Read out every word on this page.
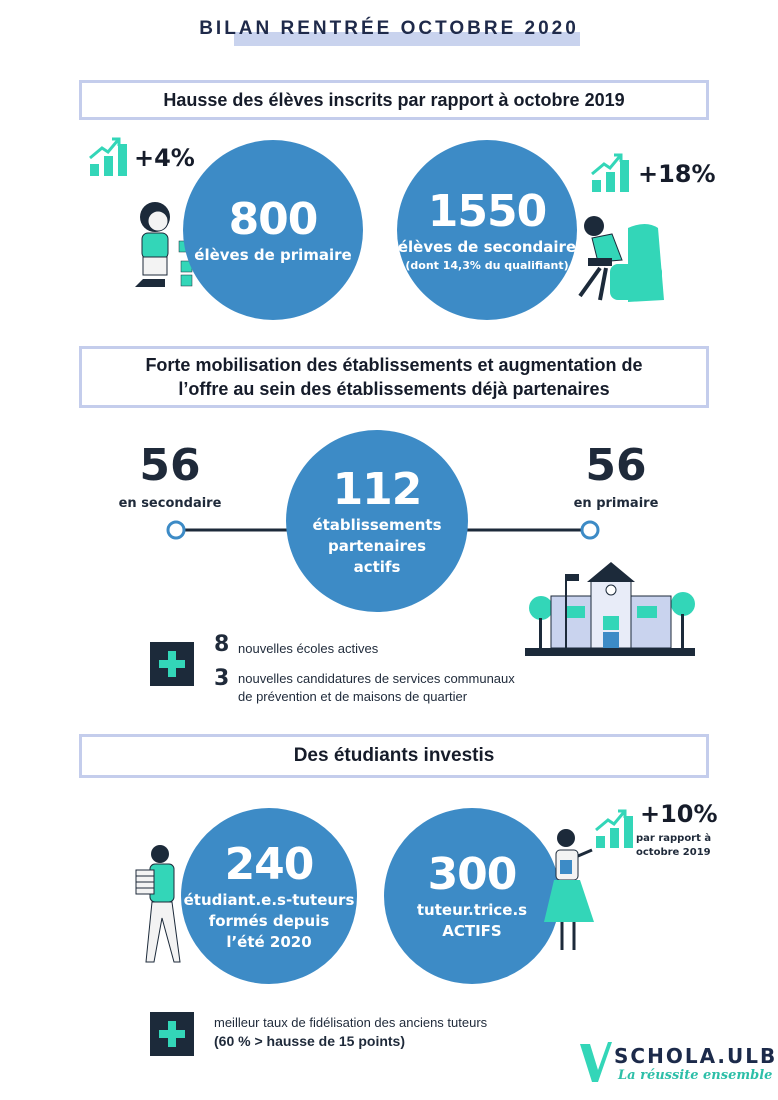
BILAN RENTRÉE OCTOBRE 2020
Hausse des élèves inscrits par rapport à octobre 2019
+4%
800
élèves de primaire
1550
élèves de secondaire
(dont 14,3% du qualifiant)
+18%
Forte mobilisation des établissements et augmentation de
l’offre au sein des établissements déjà partenaires
56
en secondaire
56
en primaire
112
établissements
partenaires
actifs
8 nouvelles écoles actives
3 nouvelles candidatures de services communaux
de prévention et de maisons de quartier
Des étudiants investis
240
étudiant.e.s-tuteurs
formés depuis
l’été 2020
300
tuteur.trice.s
ACTIFS
+10%
par rapport à
octobre 2019
meilleur taux de fidélisation des anciens tuteurs
(60 % > hausse de 15 points)
SCHOLA.ULB
La réussite ensemble
